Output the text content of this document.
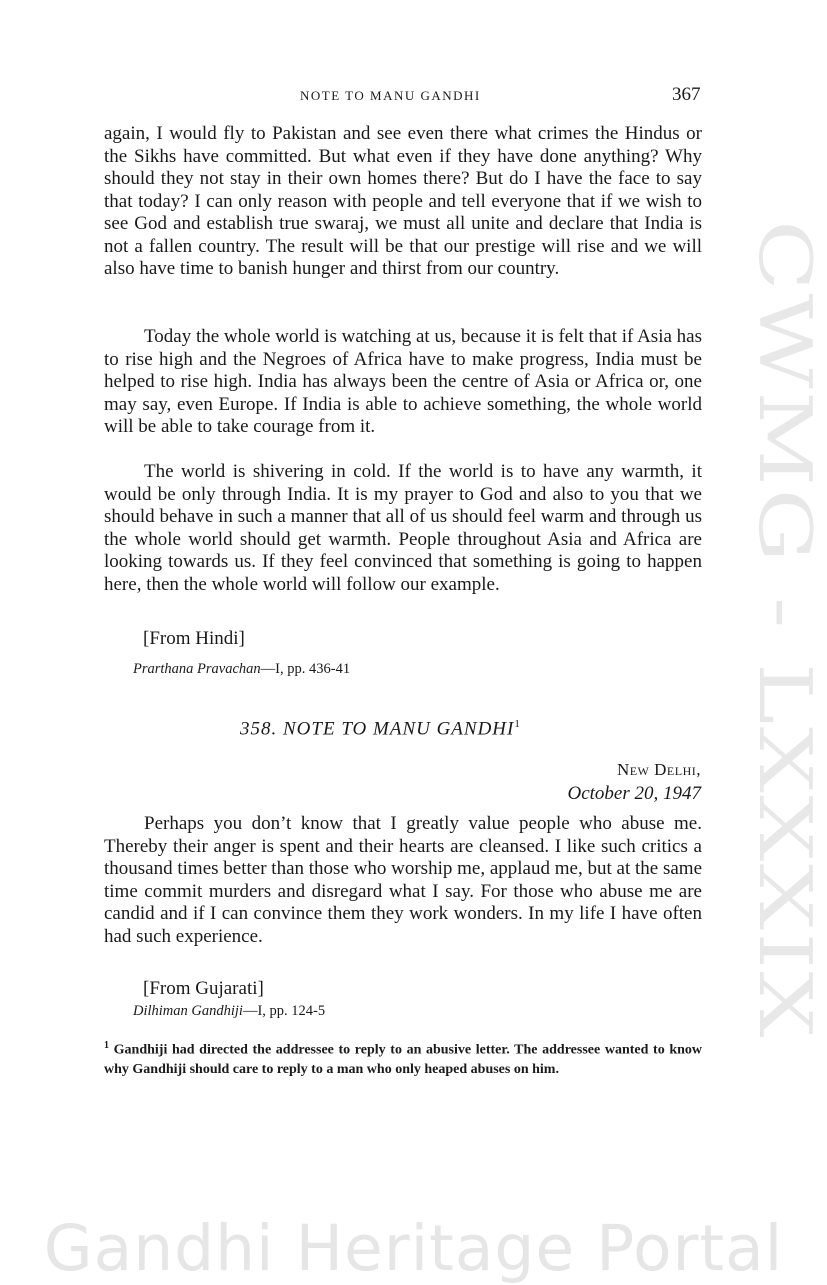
NOTE TO MANU GANDHI	367
again, I would fly to Pakistan and see even there what crimes the Hindus or the Sikhs have committed. But what even if they have done anything? Why should they not stay in their own homes there? But do I have the face to say that today? I can only reason with people and tell everyone that if we wish to see God and establish true swaraj, we must all unite and declare that India is not a fallen country. The result will be that our prestige will rise and we will also have time to banish hunger and thirst from our country.
Today the whole world is watching at us, because it is felt that if Asia has to rise high and the Negroes of Africa have to make progress, India must be helped to rise high. India has always been the centre of Asia or Africa or, one may say, even Europe. If India is able to achieve something, the whole world will be able to take courage from it.
The world is shivering in cold. If the world is to have any warmth, it would be only through India. It is my prayer to God and also to you that we should behave in such a manner that all of us should feel warm and through us the whole world should get warmth. People throughout Asia and Africa are looking towards us. If they feel convinced that something is going to happen here, then the whole world will follow our example.
[From Hindi]
Prarthana Pravachan—I, pp. 436-41
358. NOTE TO MANU GANDHI$^1$
New Delhi,
October 20, 1947
Perhaps you don’t know that I greatly value people who abuse me. Thereby their anger is spent and their hearts are cleansed. I like such critics a thousand times better than those who worship me, applaud me, but at the same time commit murders and disregard what I say. For those who abuse me are candid and if I can convince them they work wonders. In my life I have often had such experience.
[From Gujarati]
Dilhiman Gandhiji—I, pp. 124-5
$^1$ Gandhiji had directed the addressee to reply to an abusive letter. The addressee wanted to know why Gandhiji should care to reply to a man who only heaped abuses on him.
CWMG - LXXXIX
Gandhi Heritage Portal
